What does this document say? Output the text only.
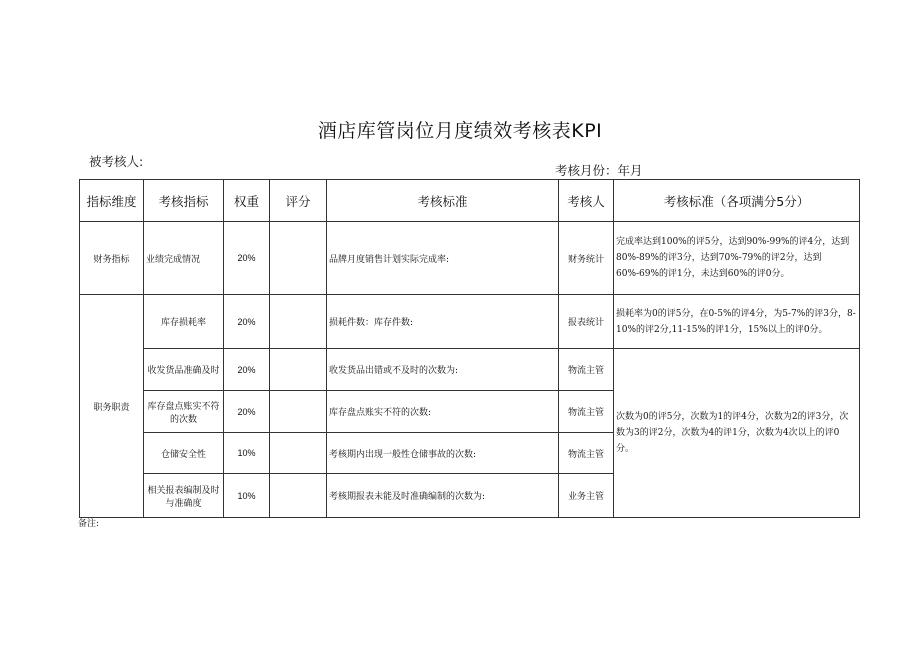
酒店库管岗位月度绩效考核表KPI
被考核人:
考核月份：年月
指标维度	考核指标	权重	评分	考核标准	考核人	考核标准（各项满分5分）
财务指标	业绩完成情况	20%		品牌月度销售计划实际完成率:	财务统计	完成率达到100%的评5分，达到90%-99%的评4分，达到80%-89%的评3分，达到70%-79%的评2分，达到60%-69%的评1分，未达到60%的评0分。
职务职责	库存损耗率	20%		损耗件数：库存件数:	报表统计	损耗率为0的评5分，在0-5%的评4分，为5-7%的评3分，8-10%的评2分,11-15%的评1分，15%以上的评0分。
	收发货品准确及时	20%		收发货品出错或不及时的次数为:	物流主管	次数为0的评5分，次数为1的评4分，次数为2的评3分，次数为3的评2分，次数为4的评1分，次数为4次以上的评0分。
	库存盘点账实不符的次数	20%		库存盘点账实不符的次数:	物流主管	
	仓储安全性	10%		考核期内出现一般性仓储事故的次数:	物流主管	
	相关报表编制及时与准确度	10%		考核期报表未能及时准确编制的次数为:	业务主管	
备注:
